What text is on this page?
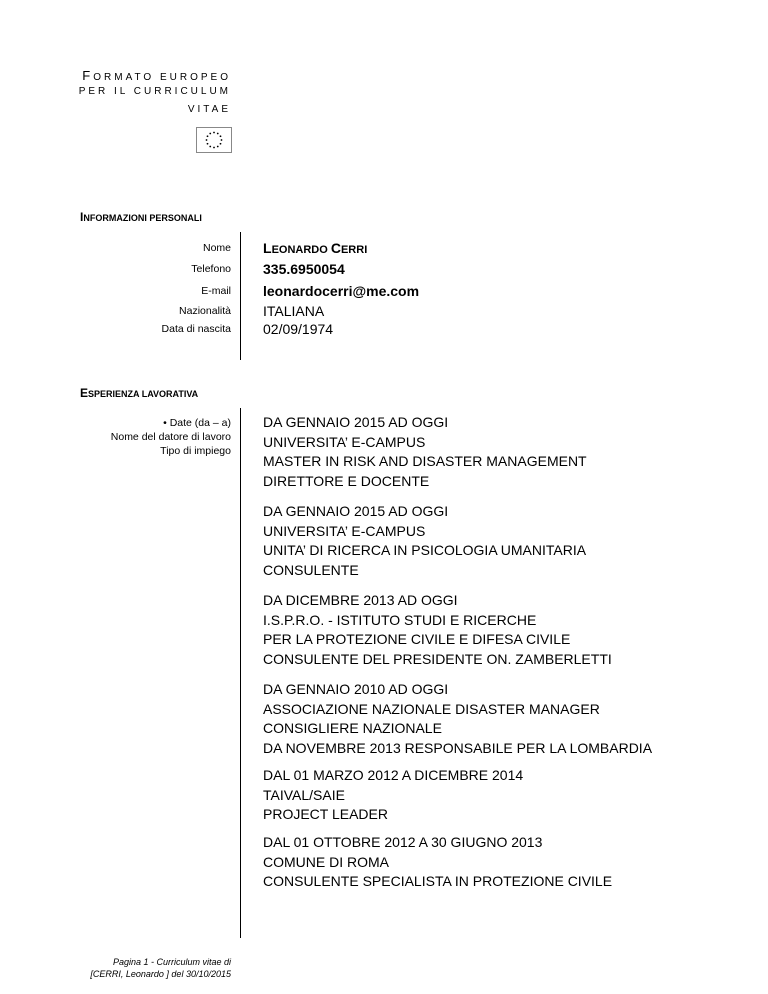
FORMATO EUROPEO
PER IL CURRICULUM
VITAE
INFORMAZIONI PERSONALI
Nome LEONARDO CERRI
Telefono 335.6950054
E-mail leonardocerri@me.com
Nazionalità ITALIANA
Data di nascita 02/09/1974
ESPERIENZA LAVORATIVA
• Date (da – a)
Nome del datore di lavoro
Tipo di impiego
DA GENNAIO 2015 AD OGGI
UNIVERSITA’ E-CAMPUS
MASTER IN RISK AND DISASTER MANAGEMENT
DIRETTORE E DOCENTE
DA GENNAIO 2015 AD OGGI
UNIVERSITA’ E-CAMPUS
UNITA’ DI RICERCA IN PSICOLOGIA UMANITARIA
CONSULENTE
DA DICEMBRE 2013 AD OGGI
I.S.P.R.O. - ISTITUTO STUDI E RICERCHE
PER LA PROTEZIONE CIVILE E DIFESA CIVILE
CONSULENTE DEL PRESIDENTE ON. ZAMBERLETTI
DA GENNAIO 2010 AD OGGI
ASSOCIAZIONE NAZIONALE DISASTER MANAGER
CONSIGLIERE NAZIONALE
DA NOVEMBRE 2013 RESPONSABILE PER LA LOMBARDIA
DAL 01 MARZO 2012 A DICEMBRE 2014
TAIVAL/SAIE
PROJECT LEADER
DAL 01 OTTOBRE 2012 A 30 GIUGNO 2013
COMUNE DI ROMA
CONSULENTE SPECIALISTA IN PROTEZIONE CIVILE
Pagina 1 - Curriculum vitae di
[CERRI, Leonardo ] del 30/10/2015
